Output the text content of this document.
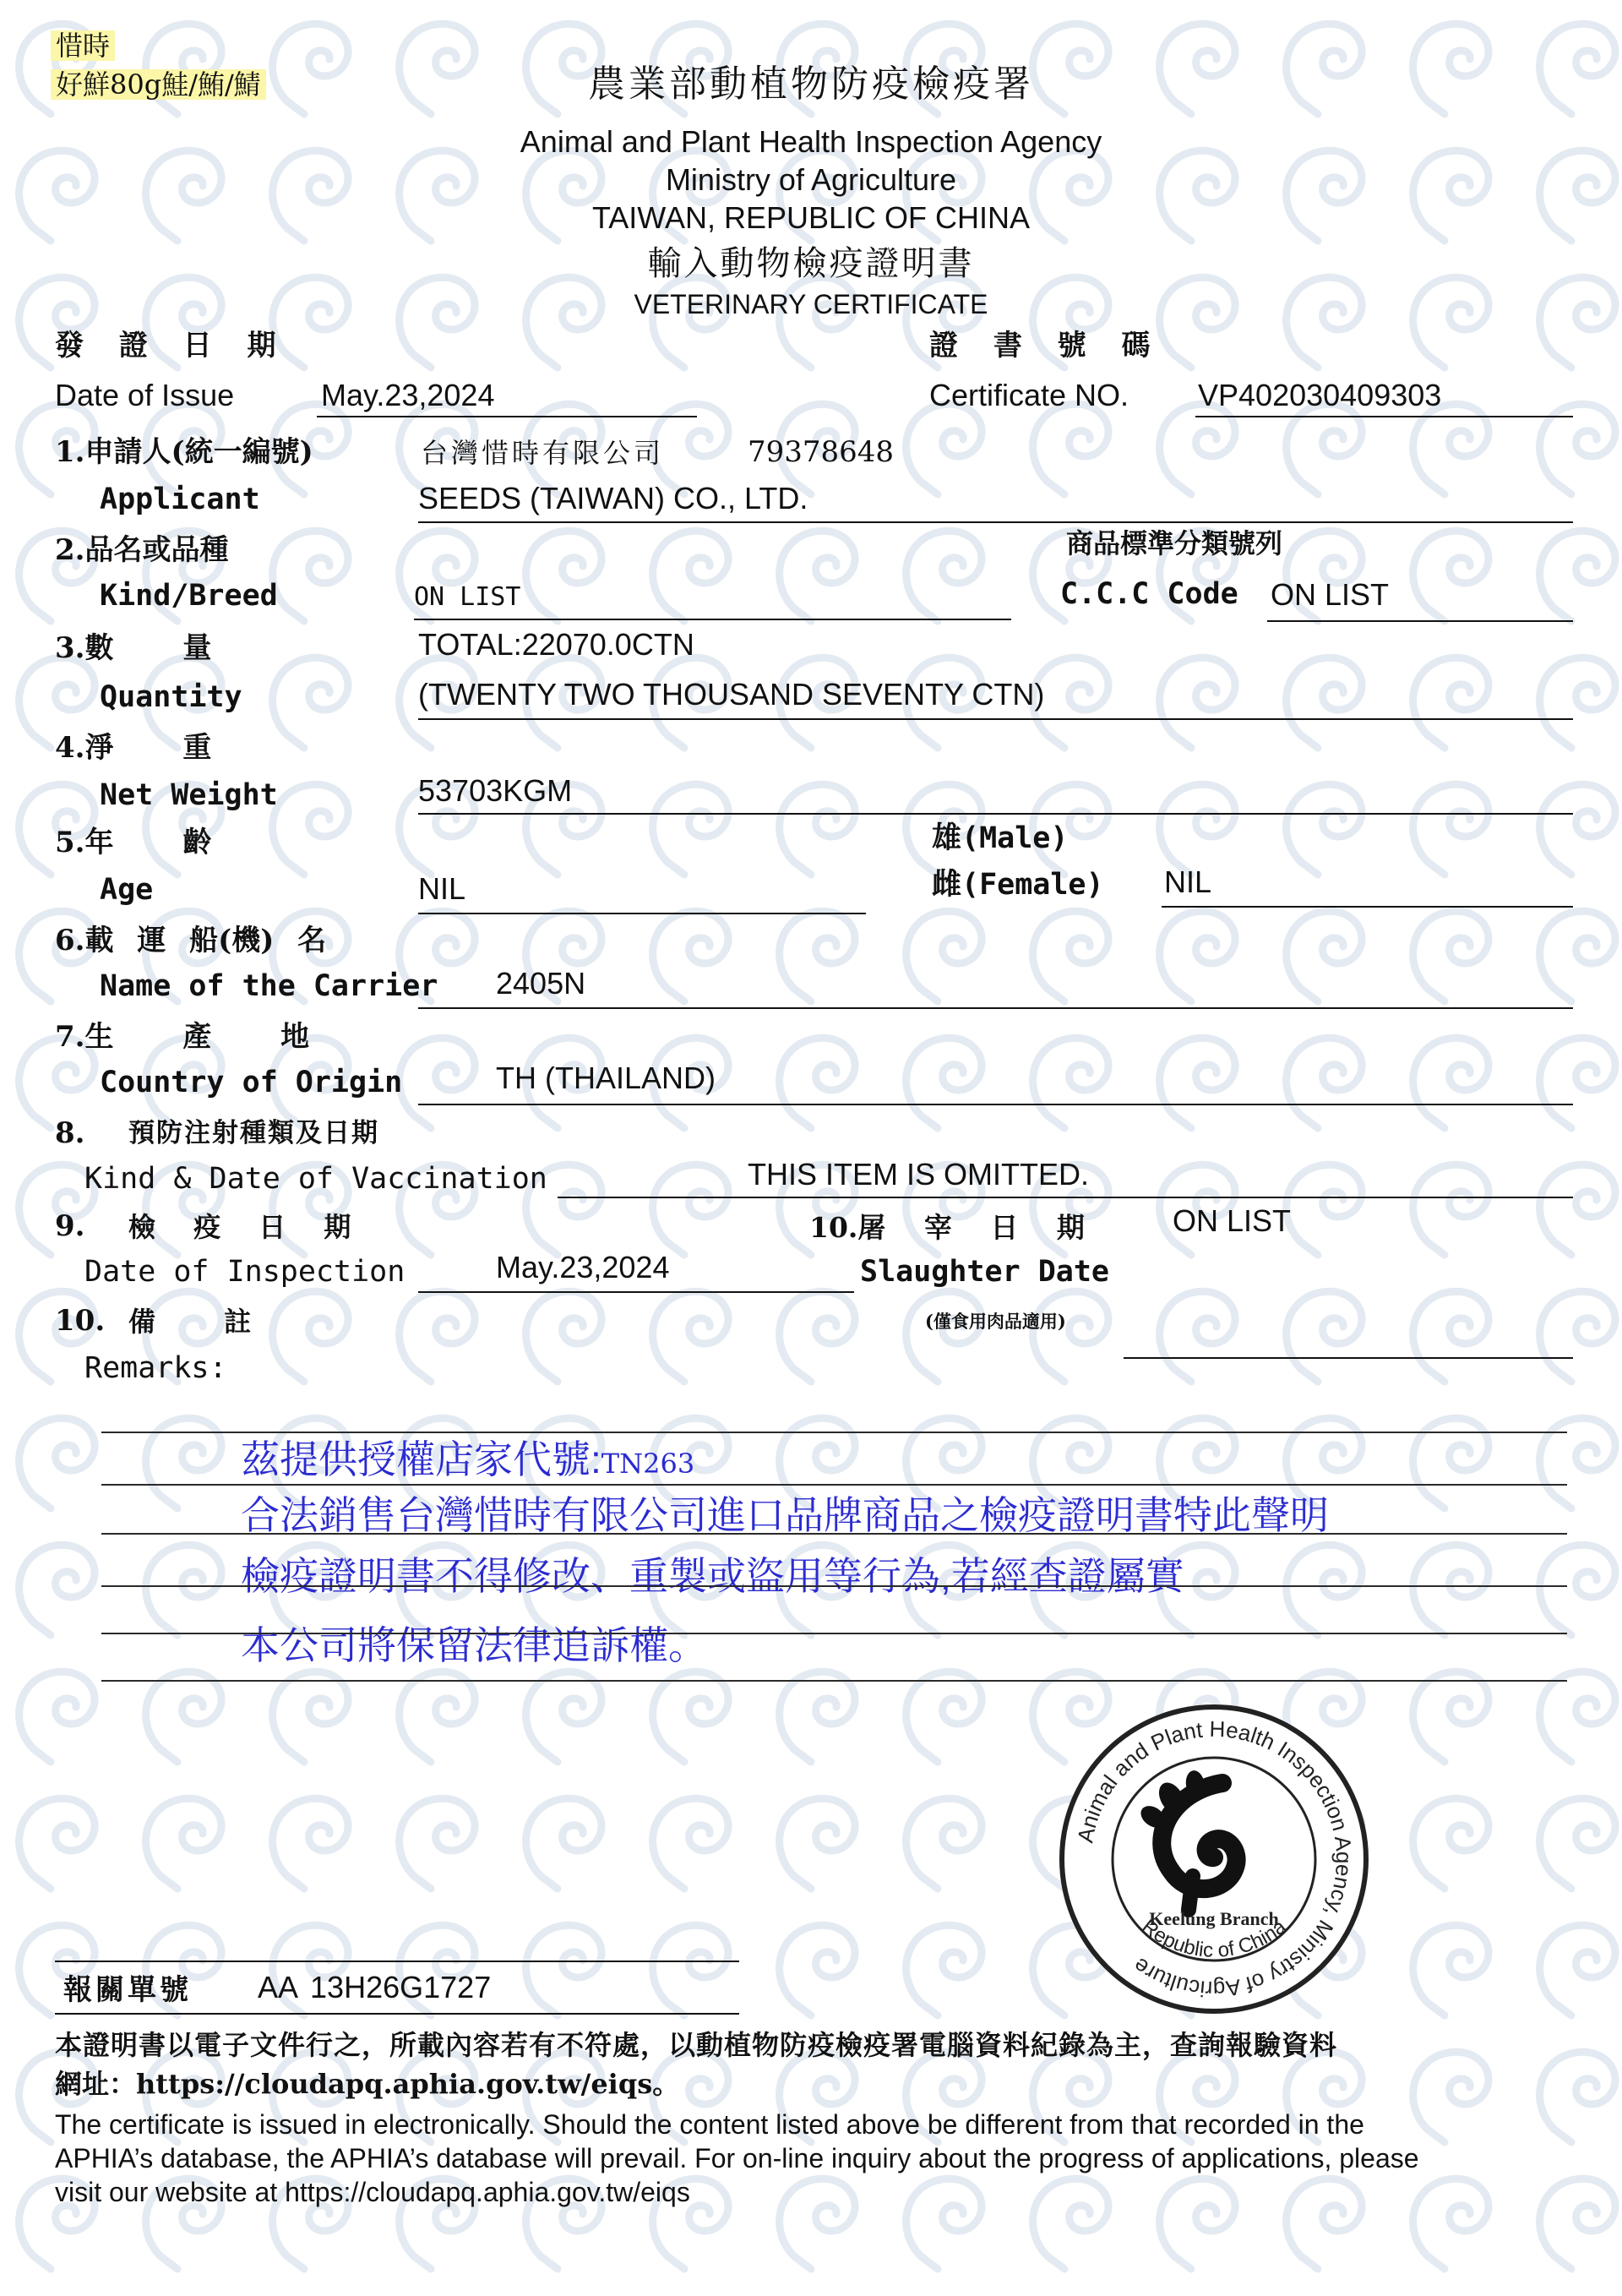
惜時
好鮮80g鮭/鮪/鯖	農業部動植物防疫檢疫署
Animal and Plant Health Inspection Agency
Ministry of Agriculture
TAIWAN, REPUBLIC OF CHINA
輸入動物檢疫證明書
VETERINARY CERTIFICATE
發 證 日 期
Date of Issue	May.23,2024
證 書 號 碼
Certificate NO. VP402030409303
1.申請人(統一編號)
Applicant
台灣惜時有限公司	79378648
SEEDS (TAIWAN) CO., LTD.
2.品名或品種
Kind/Breed	ON LIST
商品標準分類號列
C.C.C Code ON LIST
3.數 量
Quantity
TOTAL:22070.0CTN
(TWENTY TWO THOUSAND SEVENTY CTN)
4.淨 重
Net Weight	53703KGM
5.年 齡
Age	NIL
雄(Male)
雌(Female) NIL
6.載 運 船(機) 名
Name of the Carrier 2405N
7.生 產 地
Country of Origin	TH (THAILAND)
8. 預防注射種類及日期
Kind & Date of Vaccination	THIS ITEM IS OMITTED.
9. 檢 疫 日 期
Date of Inspection	May.23,2024
10.屠 宰 日 期
Slaughter Date
ON LIST
(僅食用肉品適用)
10. 備 註
Remarks:
茲提供授權店家代號:TN263
合法銷售台灣惜時有限公司進口品牌商品之檢疫證明書特此聲明
檢疫證明書不得修改、重製或盜用等行為,若經查證屬實
本公司將保留法律追訴權。
Animal and Plant Health Inspection Agency, Ministry of Agriculture
Republic of China
Keelung Branch
報關單號 AA 13H26G1727
本證明書以電子文件行之，所載內容若有不符處，以動植物防疫檢疫署電腦資料紀錄為主，查詢報驗資料
網址：https://cloudapq.aphia.gov.tw/eiqs。
The certificate is issued in electronically. Should the content listed above be different from that recorded in the
APHIA’s database, the APHIA’s database will prevail. For on-line inquiry about the progress of applications, please
visit our website at https://cloudapq.aphia.gov.tw/eiqs
